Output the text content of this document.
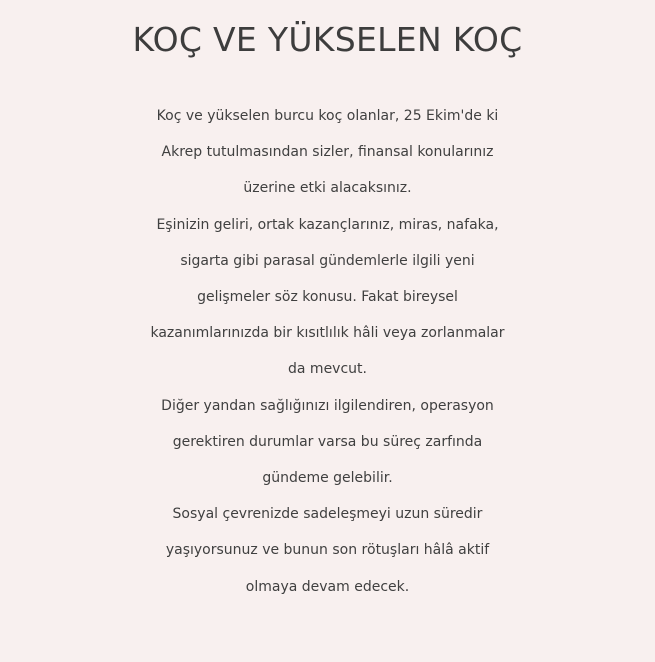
KOÇ VE YÜKSELEN KOÇ
Koç ve yükselen burcu koç olanlar, 25 Ekim'de ki
Akrep tutulmasından sizler, finansal konularınız
üzerine etki alacaksınız.
Eşinizin geliri, ortak kazançlarınız, miras, nafaka,
sigarta gibi parasal gündemlerle ilgili yeni
gelişmeler söz konusu. Fakat bireysel
kazanımlarınızda bir kısıtlılık hâli veya zorlanmalar
da mevcut.
Diğer yandan sağlığınızı ilgilendiren, operasyon
gerektiren durumlar varsa bu süreç zarfında
gündeme gelebilir.
Sosyal çevrenizde sadeleşmeyi uzun süredir
yaşıyorsunuz ve bunun son rötuşları hâlâ aktif
olmaya devam edecek.
